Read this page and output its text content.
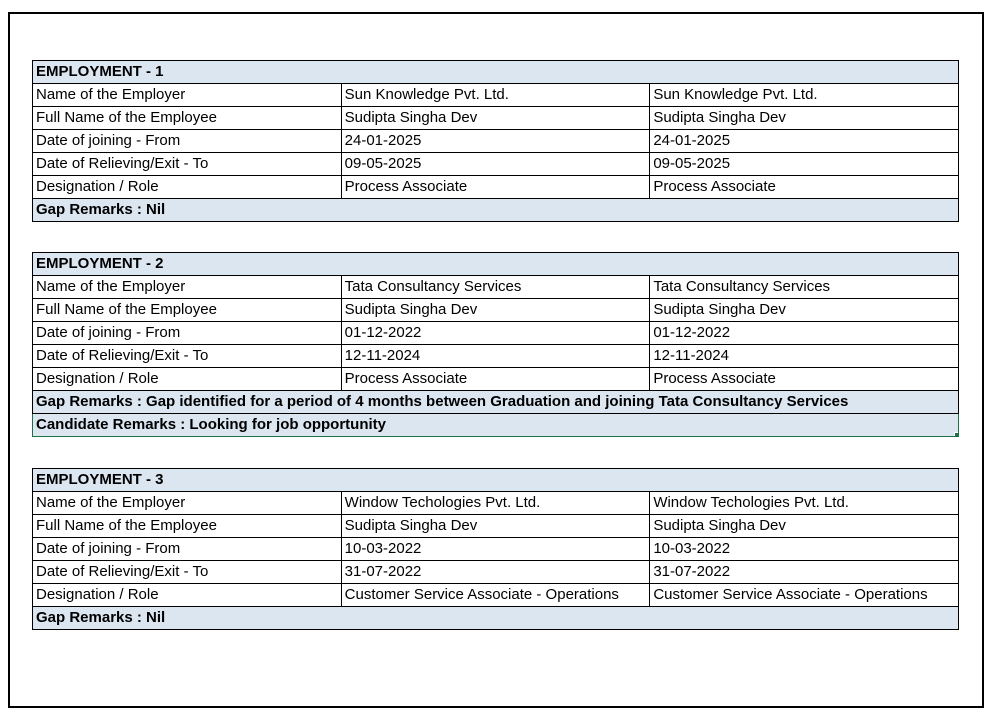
EMPLOYMENT - 1		
Name of the Employer	Sun Knowledge Pvt. Ltd.	Sun Knowledge Pvt. Ltd.
Full Name of the Employee	Sudipta Singha Dev	Sudipta Singha Dev
Date of joining - From	24-01-2025	24-01-2025
Date of Relieving/Exit - To	09-05-2025	09-05-2025
Designation / Role	Process Associate	Process Associate
Gap Remarks : Nil		
EMPLOYMENT - 2		
Name of the Employer	Tata Consultancy Services	Tata Consultancy Services
Full Name of the Employee	Sudipta Singha Dev	Sudipta Singha Dev
Date of joining - From	01-12-2022	01-12-2022
Date of Relieving/Exit - To	12-11-2024	12-11-2024
Designation / Role	Process Associate	Process Associate
Gap Remarks : Gap identified for a period of 4 months between Graduation and joining Tata Consultancy Services		
Candidate Remarks : Looking for job opportunity		
EMPLOYMENT - 3		
Name of the Employer	Window Techologies Pvt. Ltd.	Window Techologies Pvt. Ltd.
Full Name of the Employee	Sudipta Singha Dev	Sudipta Singha Dev
Date of joining - From	10-03-2022	10-03-2022
Date of Relieving/Exit - To	31-07-2022	31-07-2022
Designation / Role	Customer Service Associate - Operations	Customer Service Associate - Operations
Gap Remarks : Nil		
